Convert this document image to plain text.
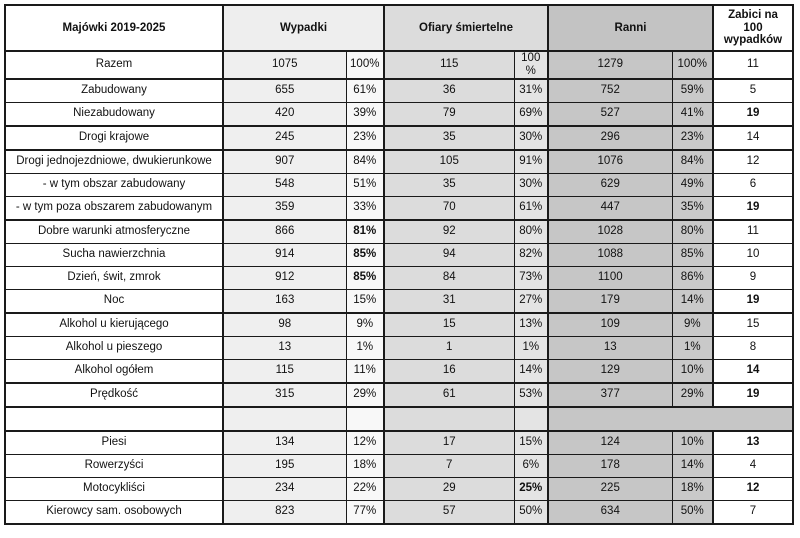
Majówki 2019-2025	Wypadki		Ofiary śmiertelne		Ranni		Zabici na 100 wypadków
Razem	1075	100%	115	100 %	1279	100%	11
Zabudowany	655	61%	36	31%	752	59%	5
Niezabudowany	420	39%	79	69%	527	41%	19
Drogi krajowe	245	23%	35	30%	296	23%	14
Drogi jednojezdniowe, dwukierunkowe	907	84%	105	91%	1076	84%	12
- w tym obszar zabudowany	548	51%	35	30%	629	49%	6
- w tym poza obszarem zabudowanym	359	33%	70	61%	447	35%	19
Dobre warunki atmosferyczne	866	81%	92	80%	1028	80%	11
Sucha nawierzchnia	914	85%	94	82%	1088	85%	10
Dzień, świt, zmrok	912	85%	84	73%	1100	86%	9
Noc	163	15%	31	27%	179	14%	19
Alkohol u kierującego	98	9%	15	13%	109	9%	15
Alkohol u pieszego	13	1%	1	1%	13	1%	8
Alkohol ogółem	115	11%	16	14%	129	10%	14
Prędkość	315	29%	61	53%	377	29%	19

Piesi	134	12%	17	15%	124	10%	13
Rowerzyści	195	18%	7	6%	178	14%	4
Motocykliści	234	22%	29	25%	225	18%	12
Kierowcy sam. osobowych	823	77%	57	50%	634	50%	7
